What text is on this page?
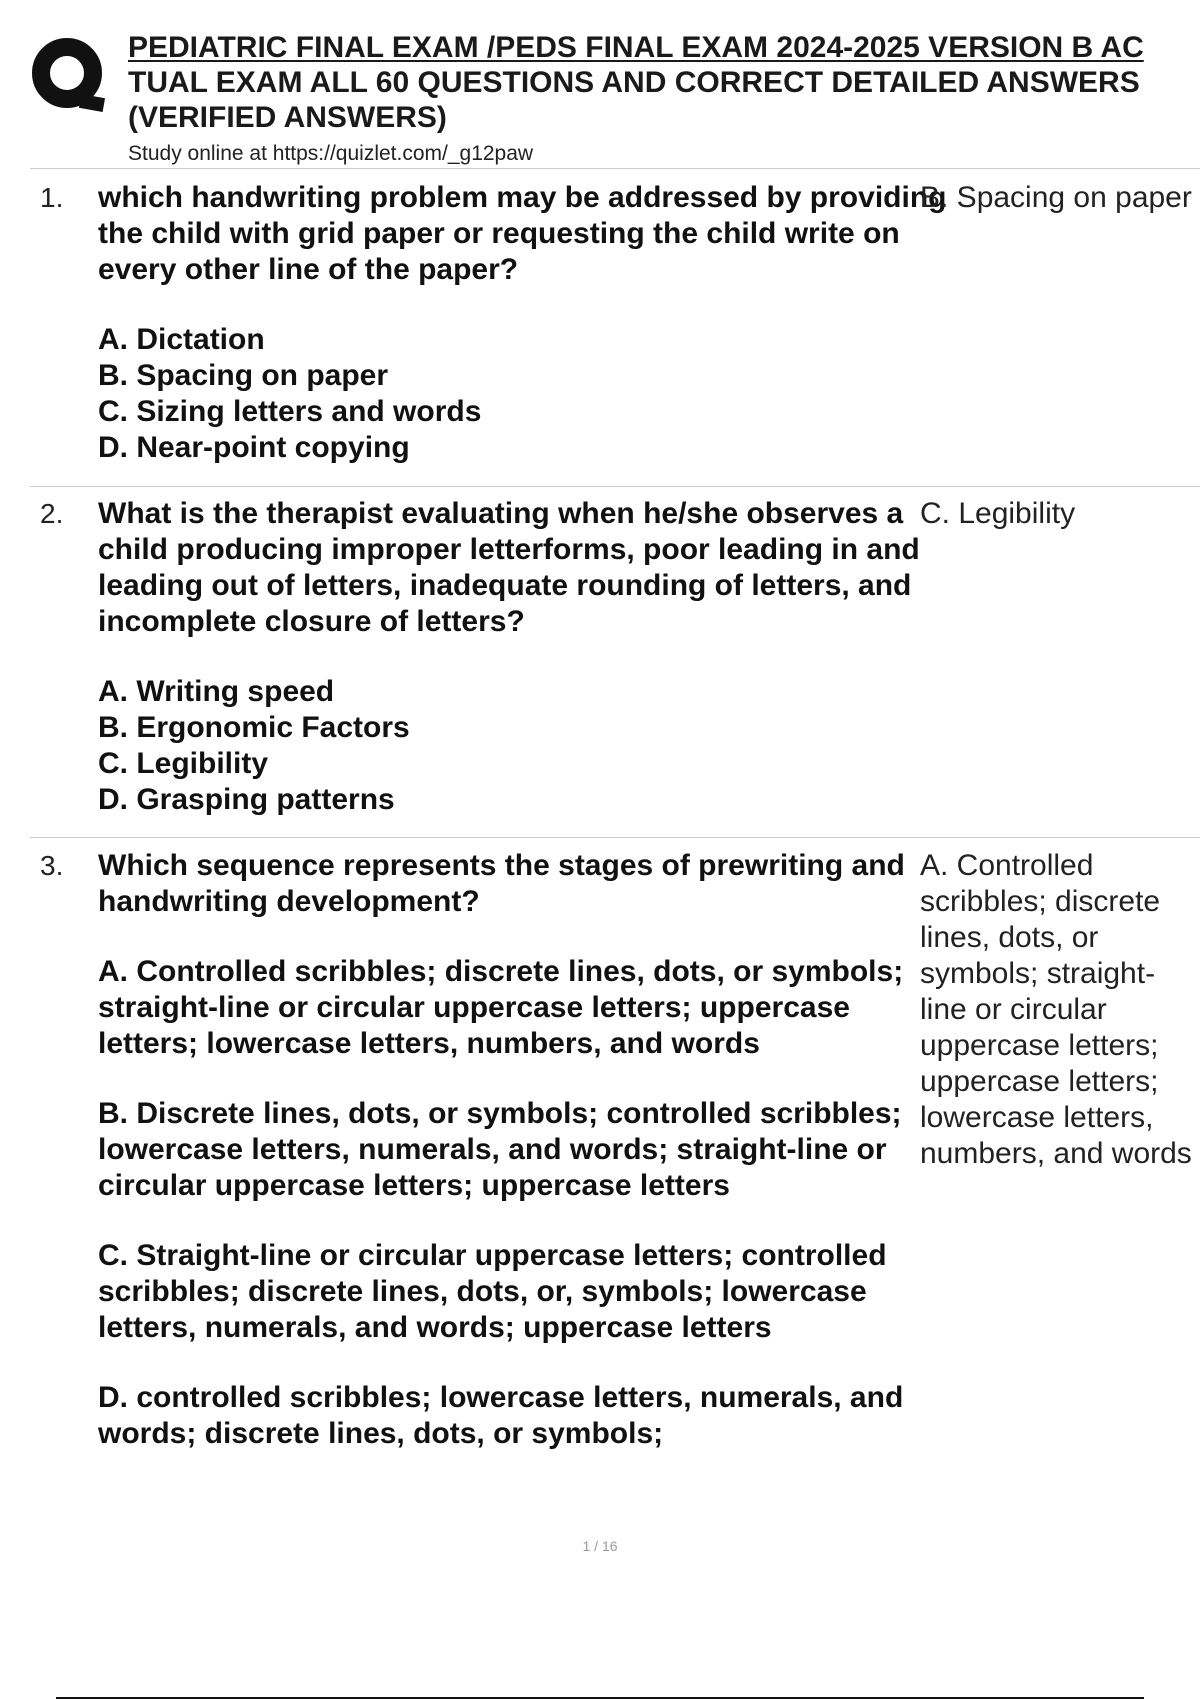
PEDIATRIC FINAL EXAM /PEDS FINAL EXAM 2024-2025 VERSION B AC
TUAL EXAM ALL 60 QUESTIONS AND CORRECT DETAILED ANSWERS
(VERIFIED ANSWERS)
Study online at https://quizlet.com/_g12paw
1. which handwriting problem may be addressed by providing the child with grid paper or requesting the child write on every other line of the paper?

A. Dictation
B. Spacing on paper
C. Sizing letters and words
D. Near-point copying
B. Spacing on paper
2. What is the therapist evaluating when he/she observes a child producing improper letterforms, poor leading in and leading out of letters, inadequate rounding of letters, and incomplete closure of letters?

A. Writing speed
B. Ergonomic Factors
C. Legibility
D. Grasping patterns
C. Legibility
3. Which sequence represents the stages of prewriting and handwriting development?

A. Controlled scribbles; discrete lines, dots, or symbols; straight-line or circular uppercase letters; uppercase letters; lowercase letters, numbers, and words
B. Discrete lines, dots, or symbols; controlled scribbles; lowercase letters, numerals, and words; straight-line or circular uppercase letters; uppercase letters
C. Straight-line or circular uppercase letters; controlled scribbles; discrete lines, dots, or, symbols; lowercase letters, numerals, and words; uppercase letters
D. controlled scribbles; lowercase letters, numerals, and words; discrete lines, dots, or symbols;
A. Controlled scribbles; discrete lines, dots, or symbols; straight-line or circular uppercase letters; uppercase letters; lowercase letters, numbers, and words
1 / 16
